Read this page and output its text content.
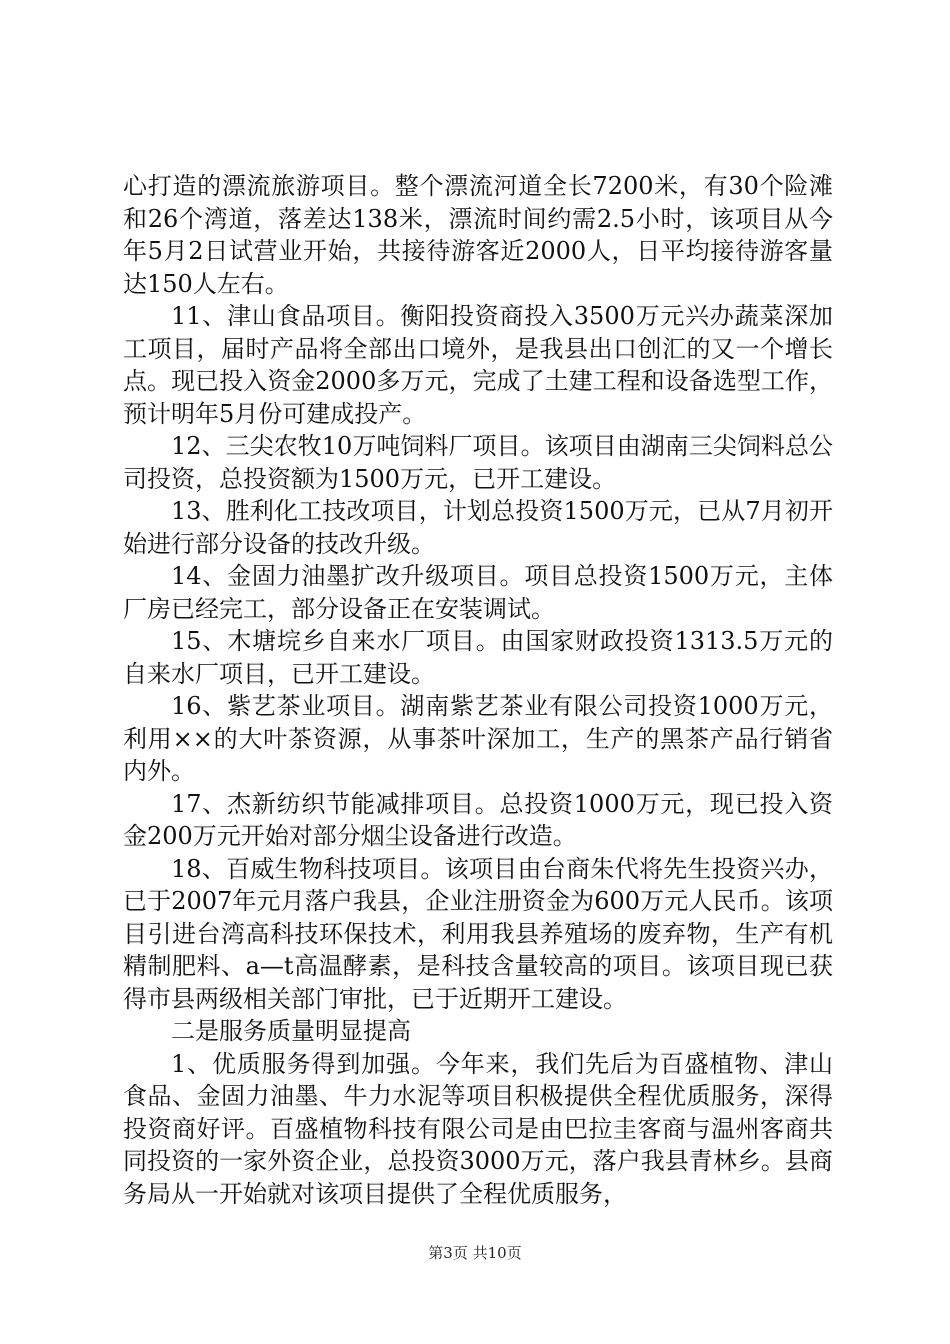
心打造的漂流旅游项目。整个漂流河道全长7200米，有30个险滩和26个湾道，落差达138米，漂流时间约需2.5小时，该项目从今年5月2日试营业开始，共接待游客近2000人，日平均接待游客量达150人左右。

11、津山食品项目。衡阳投资商投入3500万元兴办蔬菜深加工项目，届时产品将全部出口境外，是我县出口创汇的又一个增长点。现已投入资金2000多万元，完成了土建工程和设备选型工作，预计明年5月份可建成投产。

12、三尖农牧10万吨饲料厂项目。该项目由湖南三尖饲料总公司投资，总投资额为1500万元，已开工建设。

13、胜利化工技改项目，计划总投资1500万元，已从7月初开始进行部分设备的技改升级。

14、金固力油墨扩改升级项目。项目总投资1500万元，主体厂房已经完工，部分设备正在安装调试。

15、木塘垸乡自来水厂项目。由国家财政投资1313.5万元的自来水厂项目，已开工建设。

16、紫艺茶业项目。湖南紫艺茶业有限公司投资1000万元，利用××的大叶茶资源，从事茶叶深加工，生产的黑茶产品行销省内外。

17、杰新纺织节能减排项目。总投资1000万元，现已投入资金200万元开始对部分烟尘设备进行改造。

18、百威生物科技项目。该项目由台商朱代将先生投资兴办，已于2007年元月落户我县，企业注册资金为600万元人民币。该项目引进台湾高科技环保技术，利用我县养殖场的废弃物，生产有机精制肥料、a—t高温酵素，是科技含量较高的项目。该项目现已获得市县两级相关部门审批，已于近期开工建设。

二是服务质量明显提高

1、优质服务得到加强。今年来，我们先后为百盛植物、津山食品、金固力油墨、牛力水泥等项目积极提供全程优质服务，深得投资商好评。百盛植物科技有限公司是由巴拉圭客商与温州客商共同投资的一家外资企业，总投资3000万元，落户我县青林乡。县商务局从一开始就对该项目提供了全程优质服务，

第3页 共10页
